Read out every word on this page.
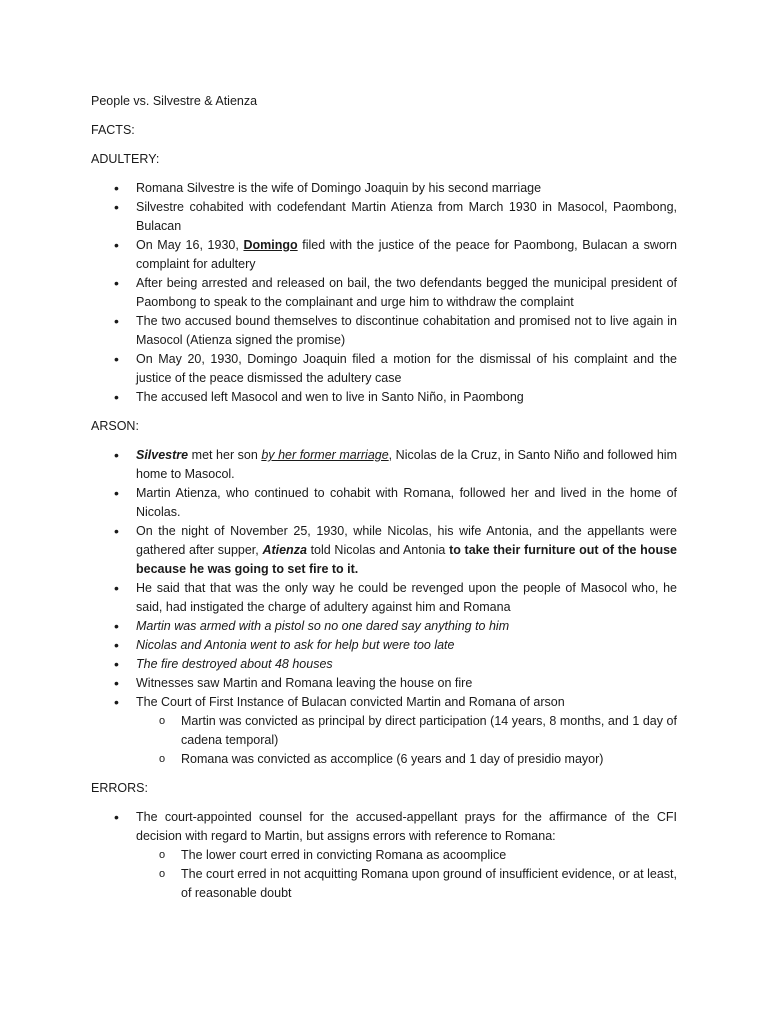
People vs. Silvestre & Atienza

FACTS:

ADULTERY:

• Romana Silvestre is the wife of Domingo Joaquin by his second marriage
• Silvestre cohabited with codefendant Martin Atienza from March 1930 in Masocol, Paombong, Bulacan
• On May 16, 1930, Domingo filed with the justice of the peace for Paombong, Bulacan a sworn complaint for adultery
• After being arrested and released on bail, the two defendants begged the municipal president of Paombong to speak to the complainant and urge him to withdraw the complaint
• The two accused bound themselves to discontinue cohabitation and promised not to live again in Masocol (Atienza signed the promise)
• On May 20, 1930, Domingo Joaquin filed a motion for the dismissal of his complaint and the justice of the peace dismissed the adultery case
• The accused left Masocol and wen to live in Santo Niño, in Paombong

ARSON:

• Silvestre met her son by her former marriage, Nicolas de la Cruz, in Santo Niño and followed him home to Masocol.
• Martin Atienza, who continued to cohabit with Romana, followed her and lived in the home of Nicolas.
• On the night of November 25, 1930, while Nicolas, his wife Antonia, and the appellants were gathered after supper, Atienza told Nicolas and Antonia to take their furniture out of the house because he was going to set fire to it.
• He said that that was the only way he could be revenged upon the people of Masocol who, he said, had instigated the charge of adultery against him and Romana
• Martin was armed with a pistol so no one dared say anything to him
• Nicolas and Antonia went to ask for help but were too late
• The fire destroyed about 48 houses
• Witnesses saw Martin and Romana leaving the house on fire
• The Court of First Instance of Bulacan convicted Martin and Romana of arson
o Martin was convicted as principal by direct participation (14 years, 8 months, and 1 day of cadena temporal)
o Romana was convicted as accomplice (6 years and 1 day of presidio mayor)

ERRORS:

• The court-appointed counsel for the accused-appellant prays for the affirmance of the CFI decision with regard to Martin, but assigns errors with reference to Romana:
o The lower court erred in convicting Romana as acoomplice
o The court erred in not acquitting Romana upon ground of insufficient evidence, or at least, of reasonable doubt
